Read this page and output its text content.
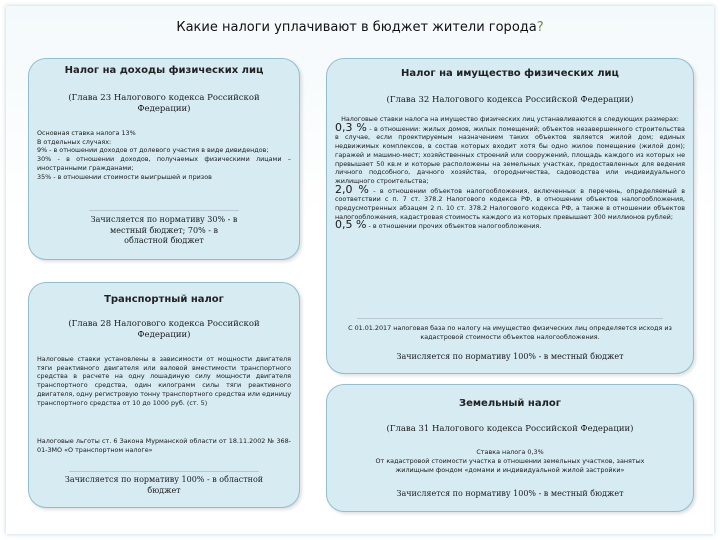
Какие налоги уплачивают в бюджет жители города?
Налог на доходы физических лиц
(Глава 23 Налогового кодекса Российской Федерации)
Основная ставка налога 13%
В отдельных случаях:
9% - в отношении доходов от долевого участия в виде дивидендов;
30% - в отношении доходов, получаемых физическими лицами – иностранными гражданами;
35% - в отношении стоимости выигрышей и призов
Зачисляется по нормативу 30% - в местный бюджет; 70% - в областной бюджет
Транспортный налог
(Глава 28 Налогового кодекса Российской Федерации)
Налоговые ставки установлены в зависимости от мощности двигателя тяги реактивного двигателя или валовой вместимости транспортного средства в расчете на одну лошадиную силу мощности двигателя транспортного средства, один килограмм силы тяги реактивного двигателя, одну регистровую тонну транспортного средства или единицу транспортного средства от 10 до 1000 руб. (ст. 5)
Налоговые льготы ст. 6 Закона Мурманской области от 18.11.2002 № 368-01-ЗМО «О транспортном налоге»
Зачисляется по нормативу 100% - в областной бюджет
Налог на имущество физических лиц
(Глава 32 Налогового кодекса Российской Федерации)
Налоговые ставки налога на имущество физических лиц устанавливаются в следующих размерах:
0,3 % - в отношении: жилых домов, жилых помещений; объектов незавершенного строительства в случае, если проектируемым назначением таких объектов является жилой дом; единых недвижимых комплексов, в состав которых входит хотя бы одно жилое помещение (жилой дом); гаражей и машино-мест; хозяйственных строений или сооружений, площадь каждого из которых не превышает 50 кв.м и которые расположены на земельных участках, предоставленных для ведения личного подсобного, дачного хозяйства, огородничества, садоводства или индивидуального жилищного строительства;
2,0 % - в отношении объектов налогообложения, включенных в перечень, определяемый в соответствии с п. 7 ст. 378.2 Налогового кодекса РФ, в отношении объектов налогообложения, предусмотренных абзацем 2 п. 10 ст. 378.2 Налогового кодекса РФ, а также в отношении объектов налогообложения, кадастровая стоимость каждого из которых превышает 300 миллионов рублей;
0,5 % - в отношении прочих объектов налогообложения.
С 01.01.2017 налоговая база по налогу на имущество физических лиц определяется исходя из кадастровой стоимости объектов налогообложения.
Зачисляется по нормативу 100% - в местный бюджет
Земельный налог
(Глава 31 Налогового кодекса Российской Федерации)
Ставка налога 0,3%
От кадастровой стоимости участка в отношении земельных участков, занятых жилищным фондом «домами и индивидуальной жилой застройки»
Зачисляется по нормативу 100% - в местный бюджет
